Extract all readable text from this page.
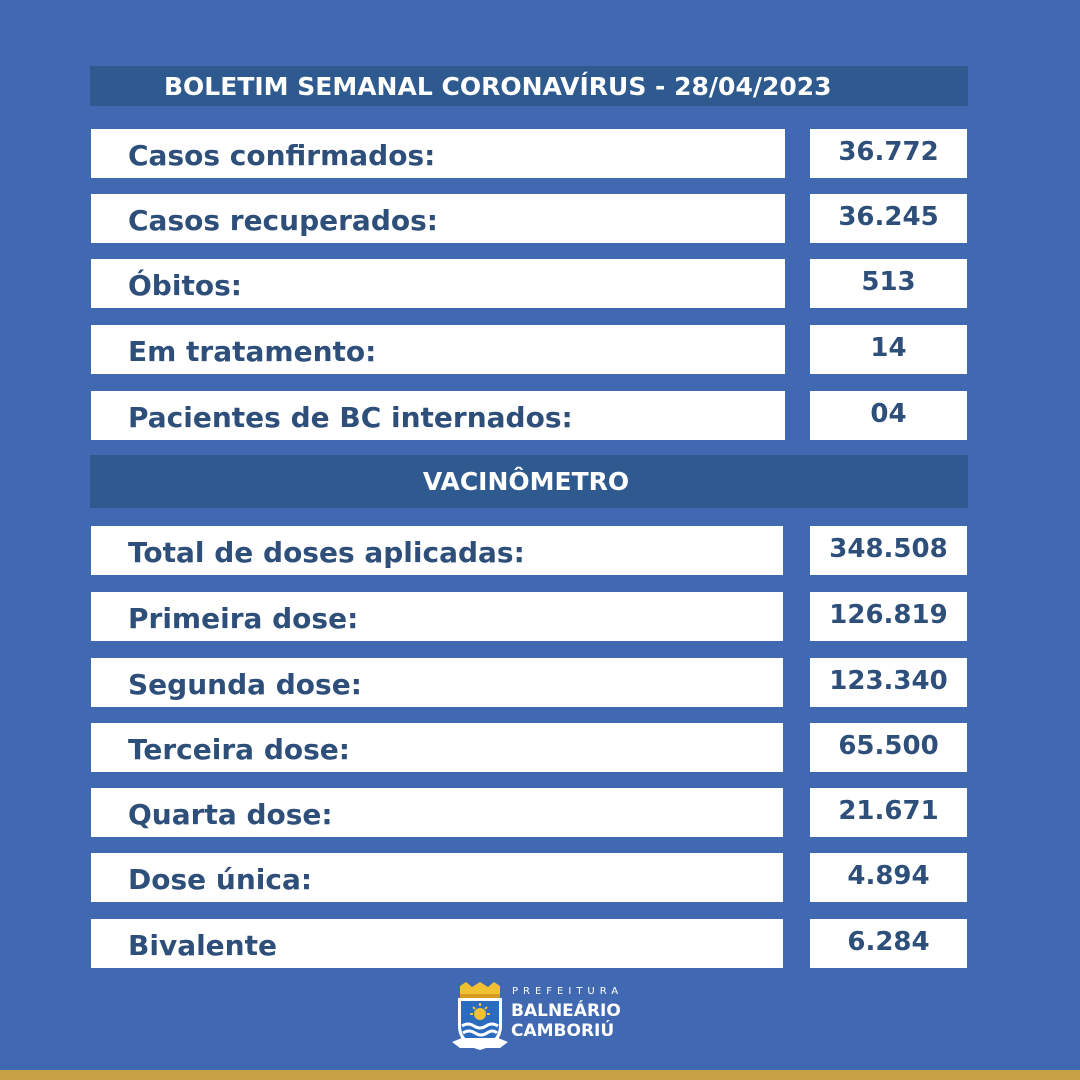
BOLETIM SEMANAL CORONAVÍRUS - 28/04/2023
Casos confirmados:	36.772
Casos recuperados:	36.245
Óbitos:	513
Em tratamento:	14
Pacientes de BC internados:	04
VACINÔMETRO
Total de doses aplicadas:	348.508
Primeira dose:	126.819
Segunda dose:	123.340
Terceira dose:	65.500
Quarta dose:	21.671
Dose única:	4.894
Bivalente	6.284
PREFEITURA
BALNEÁRIO
CAMBORIÚ
